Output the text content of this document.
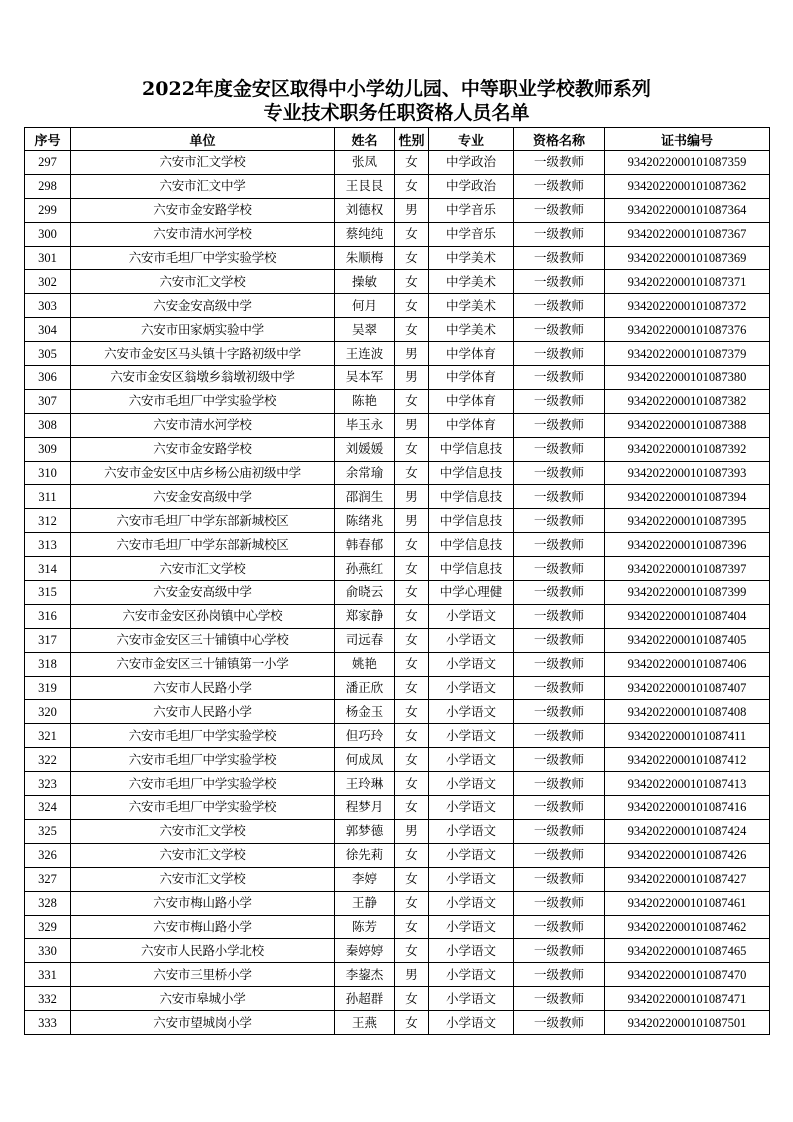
2022年度金安区取得中小学幼儿园、中等职业学校教师系列
专业技术职务任职资格人员名单
序号	单位	姓名	性别	专业	资格名称	证书编号
297	六安市汇文学校	张凤	女	中学政治	一级教师	9342022000101087359
298	六安市汇文中学	王艮艮	女	中学政治	一级教师	9342022000101087362
299	六安市金安路学校	刘德权	男	中学音乐	一级教师	9342022000101087364
300	六安市清水河学校	蔡纯纯	女	中学音乐	一级教师	9342022000101087367
301	六安市毛坦厂中学实验学校	朱顺梅	女	中学美术	一级教师	9342022000101087369
302	六安市汇文学校	操敏	女	中学美术	一级教师	9342022000101087371
303	六安金安高级中学	何月	女	中学美术	一级教师	9342022000101087372
304	六安市田家炳实验中学	吴翠	女	中学美术	一级教师	9342022000101087376
305	六安市金安区马头镇十字路初级中学	王连波	男	中学体育	一级教师	9342022000101087379
306	六安市金安区翁墩乡翁墩初级中学	吴本军	男	中学体育	一级教师	9342022000101087380
307	六安市毛坦厂中学实验学校	陈艳	女	中学体育	一级教师	9342022000101087382
308	六安市清水河学校	毕玉永	男	中学体育	一级教师	9342022000101087388
309	六安市金安路学校	刘媛媛	女	中学信息技	一级教师	9342022000101087392
310	六安市金安区中店乡杨公庙初级中学	余常瑜	女	中学信息技	一级教师	9342022000101087393
311	六安金安高级中学	邵润生	男	中学信息技	一级教师	9342022000101087394
312	六安市毛坦厂中学东部新城校区	陈绪兆	男	中学信息技	一级教师	9342022000101087395
313	六安市毛坦厂中学东部新城校区	韩春郁	女	中学信息技	一级教师	9342022000101087396
314	六安市汇文学校	孙燕红	女	中学信息技	一级教师	9342022000101087397
315	六安金安高级中学	俞晓云	女	中学心理健	一级教师	9342022000101087399
316	六安市金安区孙岗镇中心学校	郑家静	女	小学语文	一级教师	9342022000101087404
317	六安市金安区三十铺镇中心学校	司远春	女	小学语文	一级教师	9342022000101087405
318	六安市金安区三十铺镇第一小学	姚艳	女	小学语文	一级教师	9342022000101087406
319	六安市人民路小学	潘正欣	女	小学语文	一级教师	9342022000101087407
320	六安市人民路小学	杨金玉	女	小学语文	一级教师	9342022000101087408
321	六安市毛坦厂中学实验学校	但巧玲	女	小学语文	一级教师	9342022000101087411
322	六安市毛坦厂中学实验学校	何成凤	女	小学语文	一级教师	9342022000101087412
323	六安市毛坦厂中学实验学校	王玲琳	女	小学语文	一级教师	9342022000101087413
324	六安市毛坦厂中学实验学校	程梦月	女	小学语文	一级教师	9342022000101087416
325	六安市汇文学校	郭梦德	男	小学语文	一级教师	9342022000101087424
326	六安市汇文学校	徐先莉	女	小学语文	一级教师	9342022000101087426
327	六安市汇文学校	李婷	女	小学语文	一级教师	9342022000101087427
328	六安市梅山路小学	王静	女	小学语文	一级教师	9342022000101087461
329	六安市梅山路小学	陈芳	女	小学语文	一级教师	9342022000101087462
330	六安市人民路小学北校	秦婷婷	女	小学语文	一级教师	9342022000101087465
331	六安市三里桥小学	李鋆杰	男	小学语文	一级教师	9342022000101087470
332	六安市皋城小学	孙超群	女	小学语文	一级教师	9342022000101087471
333	六安市望城岗小学	王燕	女	小学语文	一级教师	9342022000101087501
